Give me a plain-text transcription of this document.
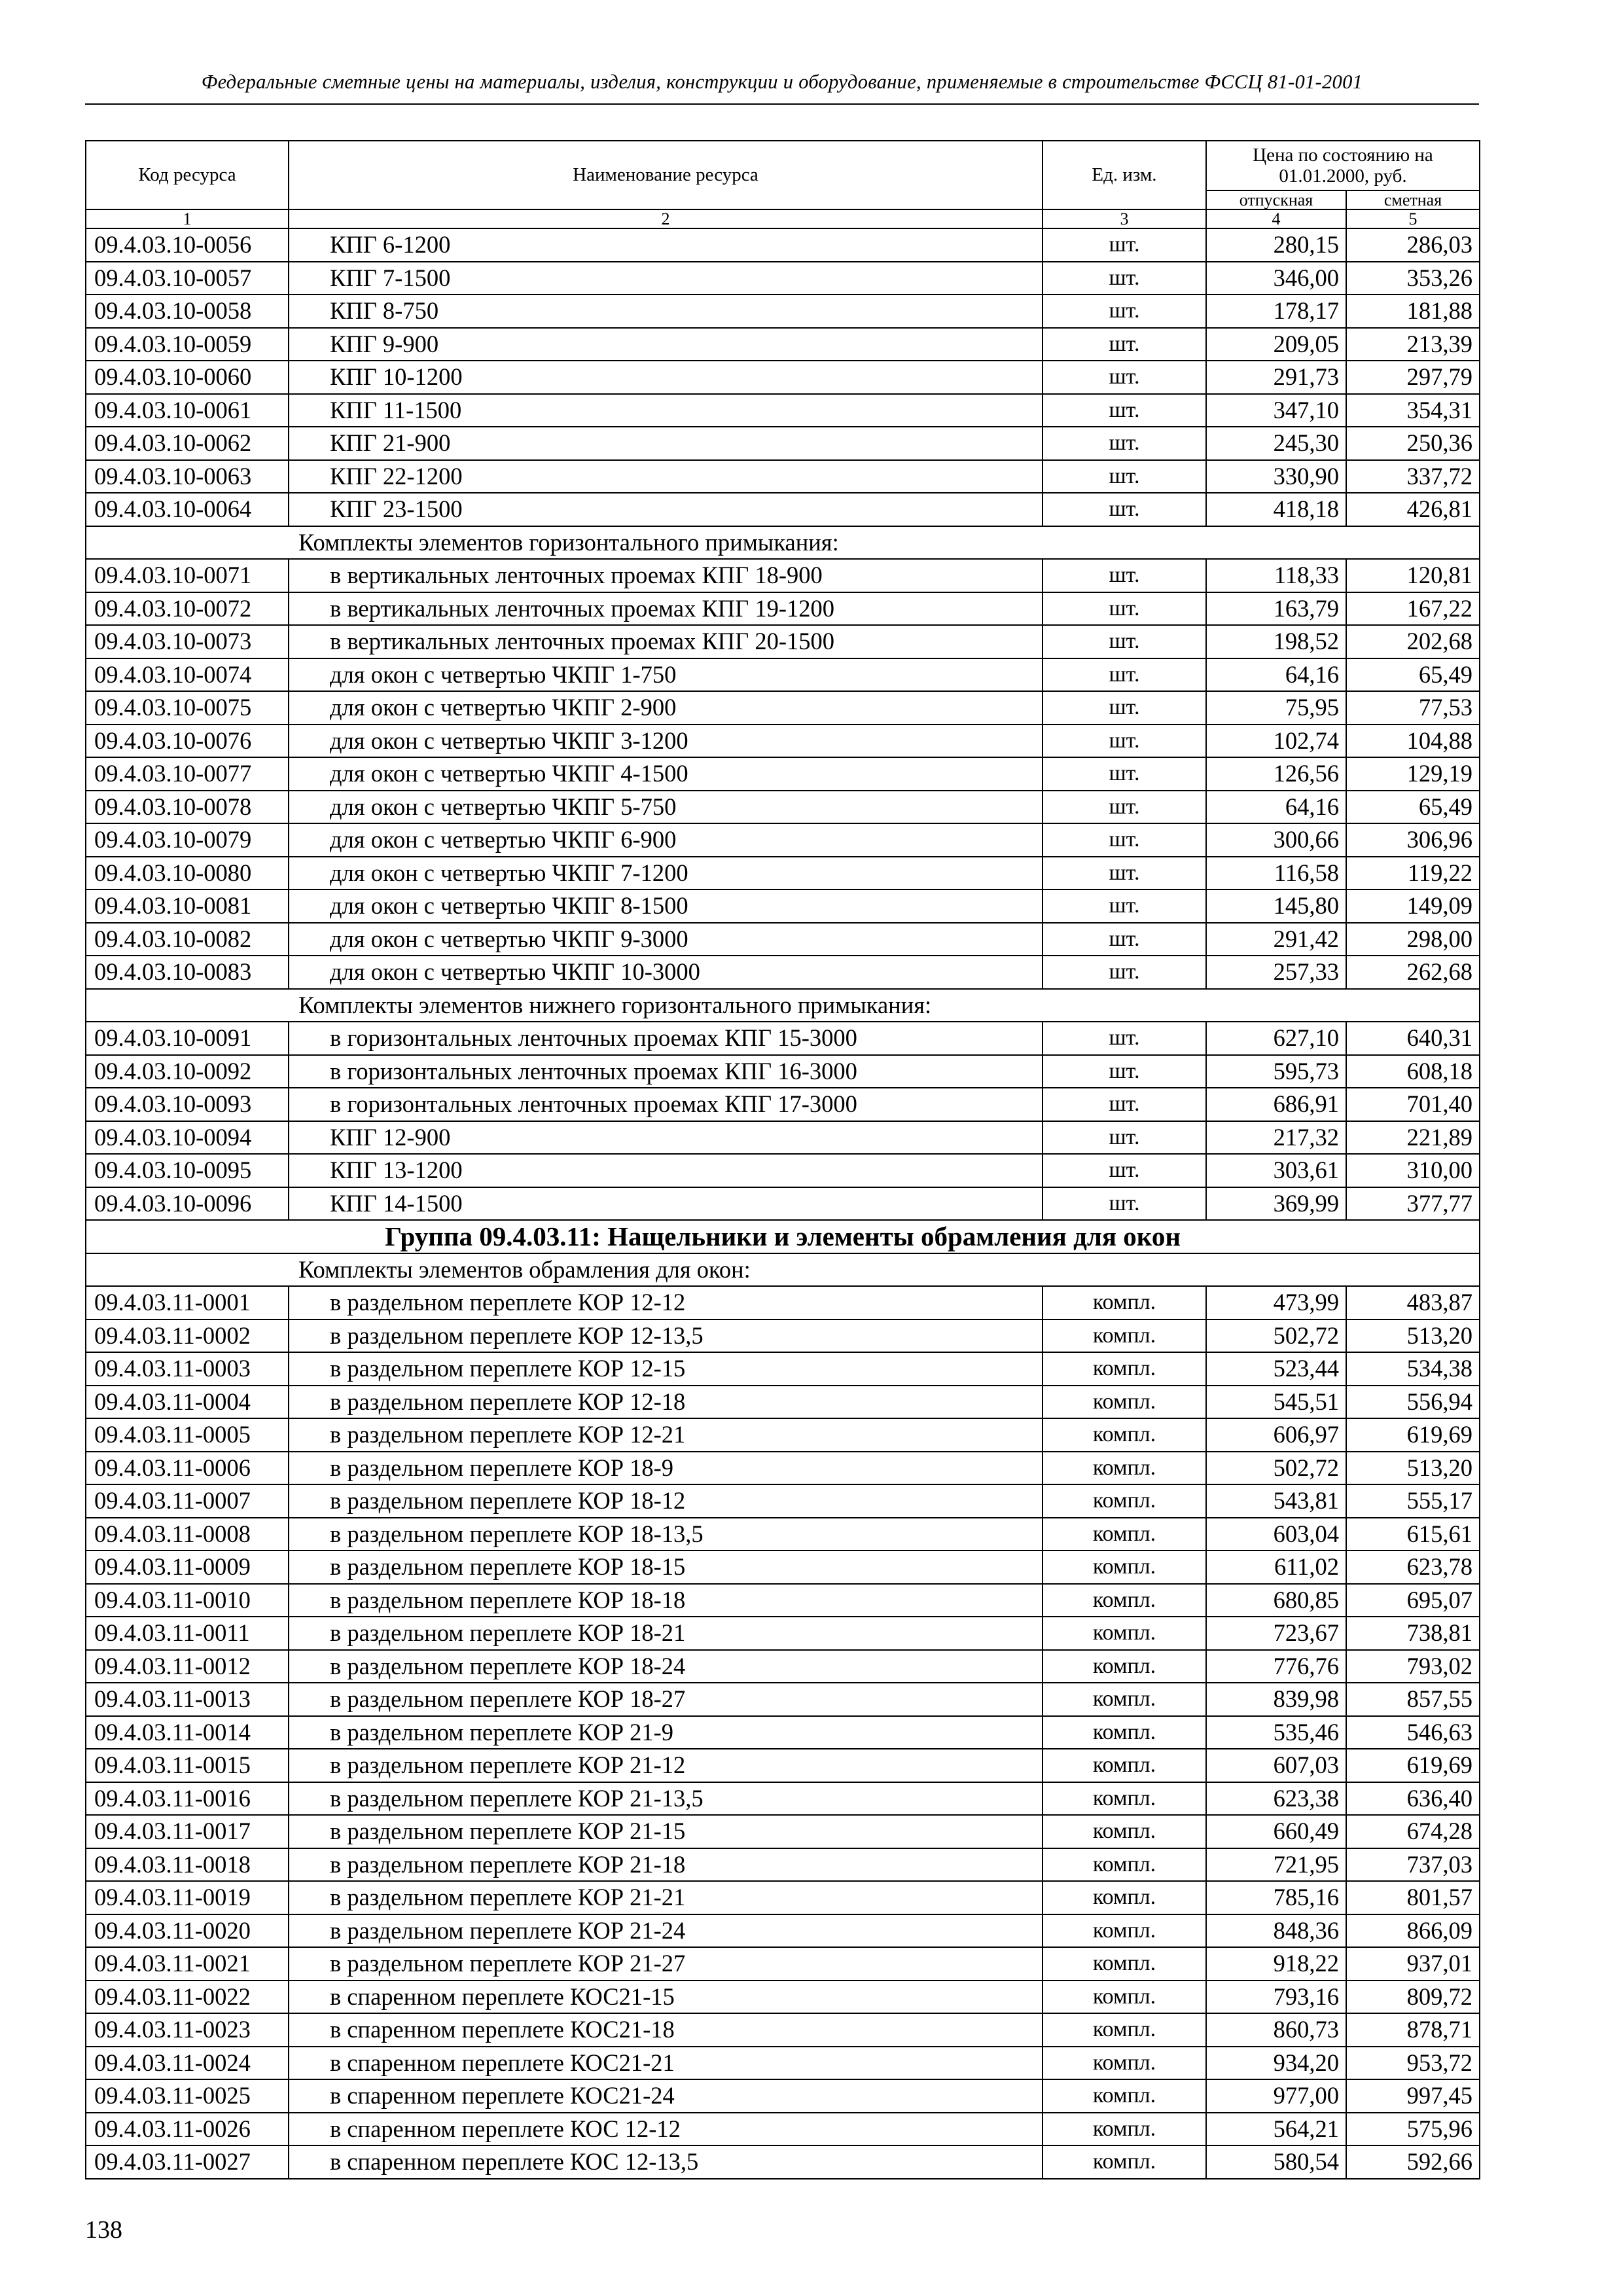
Федеральные сметные цены на материалы, изделия, конструкции и оборудование, применяемые в строительстве ФССЦ 81-01-2001
Код ресурса	Наименование ресурса	Ед. изм.	Цена по состоянию на 01.01.2000, руб.	
			отпускная	сметная
1	2	3	4	5
09.4.03.10-0056	КПГ 6-1200	шт.	280,15	286,03
09.4.03.10-0057	КПГ 7-1500	шт.	346,00	353,26
09.4.03.10-0058	КПГ 8-750	шт.	178,17	181,88
09.4.03.10-0059	КПГ 9-900	шт.	209,05	213,39
09.4.03.10-0060	КПГ 10-1200	шт.	291,73	297,79
09.4.03.10-0061	КПГ 11-1500	шт.	347,10	354,31
09.4.03.10-0062	КПГ 21-900	шт.	245,30	250,36
09.4.03.10-0063	КПГ 22-1200	шт.	330,90	337,72
09.4.03.10-0064	КПГ 23-1500	шт.	418,18	426,81
Комплекты элементов горизонтального примыкания:				
09.4.03.10-0071	в вертикальных ленточных проемах КПГ 18-900	шт.	118,33	120,81
09.4.03.10-0072	в вертикальных ленточных проемах КПГ 19-1200	шт.	163,79	167,22
09.4.03.10-0073	в вертикальных ленточных проемах КПГ 20-1500	шт.	198,52	202,68
09.4.03.10-0074	для окон с четвертью ЧКПГ 1-750	шт.	64,16	65,49
09.4.03.10-0075	для окон с четвертью ЧКПГ 2-900	шт.	75,95	77,53
09.4.03.10-0076	для окон с четвертью ЧКПГ 3-1200	шт.	102,74	104,88
09.4.03.10-0077	для окон с четвертью ЧКПГ 4-1500	шт.	126,56	129,19
09.4.03.10-0078	для окон с четвертью ЧКПГ 5-750	шт.	64,16	65,49
09.4.03.10-0079	для окон с четвертью ЧКПГ 6-900	шт.	300,66	306,96
09.4.03.10-0080	для окон с четвертью ЧКПГ 7-1200	шт.	116,58	119,22
09.4.03.10-0081	для окон с четвертью ЧКПГ 8-1500	шт.	145,80	149,09
09.4.03.10-0082	для окон с четвертью ЧКПГ 9-3000	шт.	291,42	298,00
09.4.03.10-0083	для окон с четвертью ЧКПГ 10-3000	шт.	257,33	262,68
Комплекты элементов нижнего горизонтального примыкания:				
09.4.03.10-0091	в горизонтальных ленточных проемах КПГ 15-3000	шт.	627,10	640,31
09.4.03.10-0092	в горизонтальных ленточных проемах КПГ 16-3000	шт.	595,73	608,18
09.4.03.10-0093	в горизонтальных ленточных проемах КПГ 17-3000	шт.	686,91	701,40
09.4.03.10-0094	КПГ 12-900	шт.	217,32	221,89
09.4.03.10-0095	КПГ 13-1200	шт.	303,61	310,00
09.4.03.10-0096	КПГ 14-1500	шт.	369,99	377,77
Группа 09.4.03.11: Нащельники и элементы обрамления для окон				
Комплекты элементов обрамления для окон:				
09.4.03.11-0001	в раздельном переплете КОР 12-12	компл.	473,99	483,87
09.4.03.11-0002	в раздельном переплете КОР 12-13,5	компл.	502,72	513,20
09.4.03.11-0003	в раздельном переплете КОР 12-15	компл.	523,44	534,38
09.4.03.11-0004	в раздельном переплете КОР 12-18	компл.	545,51	556,94
09.4.03.11-0005	в раздельном переплете КОР 12-21	компл.	606,97	619,69
09.4.03.11-0006	в раздельном переплете КОР 18-9	компл.	502,72	513,20
09.4.03.11-0007	в раздельном переплете КОР 18-12	компл.	543,81	555,17
09.4.03.11-0008	в раздельном переплете КОР 18-13,5	компл.	603,04	615,61
09.4.03.11-0009	в раздельном переплете КОР 18-15	компл.	611,02	623,78
09.4.03.11-0010	в раздельном переплете КОР 18-18	компл.	680,85	695,07
09.4.03.11-0011	в раздельном переплете КОР 18-21	компл.	723,67	738,81
09.4.03.11-0012	в раздельном переплете КОР 18-24	компл.	776,76	793,02
09.4.03.11-0013	в раздельном переплете КОР 18-27	компл.	839,98	857,55
09.4.03.11-0014	в раздельном переплете КОР 21-9	компл.	535,46	546,63
09.4.03.11-0015	в раздельном переплете КОР 21-12	компл.	607,03	619,69
09.4.03.11-0016	в раздельном переплете КОР 21-13,5	компл.	623,38	636,40
09.4.03.11-0017	в раздельном переплете КОР 21-15	компл.	660,49	674,28
09.4.03.11-0018	в раздельном переплете КОР 21-18	компл.	721,95	737,03
09.4.03.11-0019	в раздельном переплете КОР 21-21	компл.	785,16	801,57
09.4.03.11-0020	в раздельном переплете КОР 21-24	компл.	848,36	866,09
09.4.03.11-0021	в раздельном переплете КОР 21-27	компл.	918,22	937,01
09.4.03.11-0022	в спаренном переплете КОС21-15	компл.	793,16	809,72
09.4.03.11-0023	в спаренном переплете КОС21-18	компл.	860,73	878,71
09.4.03.11-0024	в спаренном переплете КОС21-21	компл.	934,20	953,72
09.4.03.11-0025	в спаренном переплете КОС21-24	компл.	977,00	997,45
09.4.03.11-0026	в спаренном переплете КОС 12-12	компл.	564,21	575,96
09.4.03.11-0027	в спаренном переплете КОС 12-13,5	компл.	580,54	592,66
138
